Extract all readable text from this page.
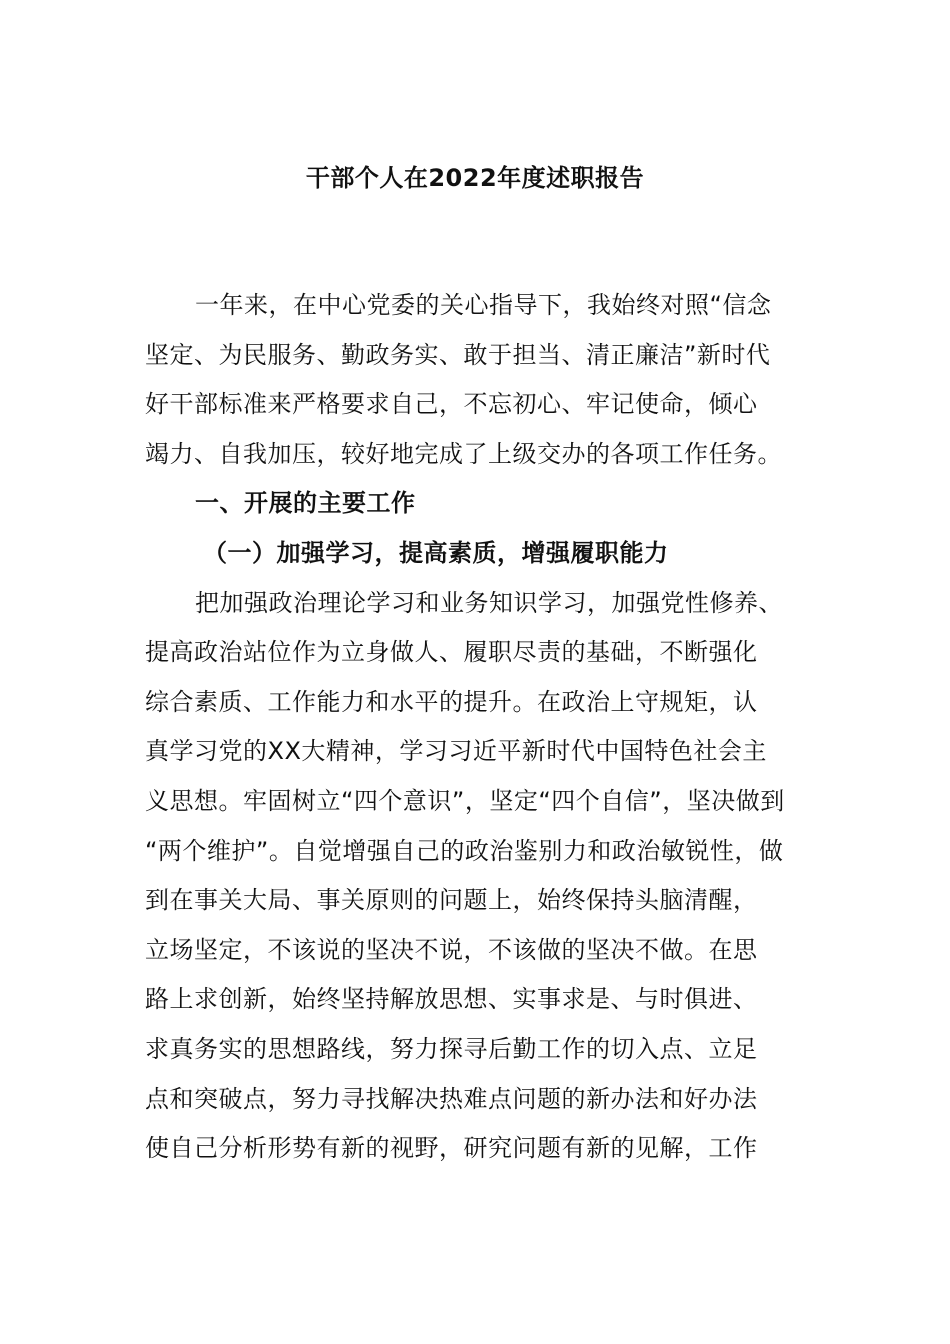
干部个人在2022年度述职报告
一年来，在中心党委的关心指导下，我始终对照“信念
坚定、为民服务、勤政务实、敢于担当、清正廉洁”新时代
好干部标准来严格要求自己，不忘初心、牢记使命，倾心
竭力、自我加压，较好地完成了上级交办的各项工作任务。
一、开展的主要工作
（一）加强学习，提高素质，增强履职能力
把加强政治理论学习和业务知识学习，加强党性修养、
提高政治站位作为立身做人、履职尽责的基础，不断强化
综合素质、工作能力和水平的提升。在政治上守规矩，认
真学习党的XX大精神，学习习近平新时代中国特色社会主
义思想。牢固树立“四个意识”，坚定“四个自信”，坚决做到
“两个维护”。自觉增强自己的政治鉴别力和政治敏锐性，做
到在事关大局、事关原则的问题上，始终保持头脑清醒，
立场坚定，不该说的坚决不说，不该做的坚决不做。在思
路上求创新，始终坚持解放思想、实事求是、与时俱进、
求真务实的思想路线，努力探寻后勤工作的切入点、立足
点和突破点，努力寻找解决热难点问题的新办法和好办法
使自己分析形势有新的视野，研究问题有新的见解，工作
